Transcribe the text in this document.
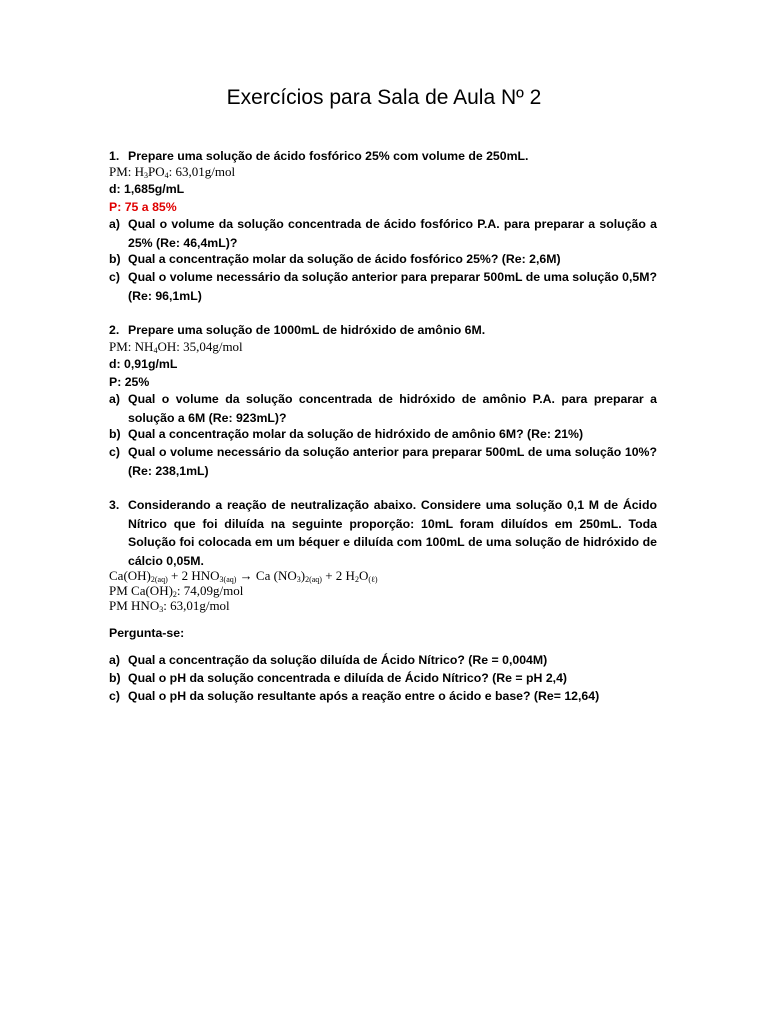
Exercícios para Sala de Aula Nº 2
1. Prepare uma solução de ácido fosfórico 25% com volume de 250mL.
PM: $H_3PO_4$: 63,01g/mol
d: 1,685g/mL
P: 75 a 85%
a) Qual o volume da solução concentrada de ácido fosfórico P.A. para preparar a solução a 25% (Re: 46,4mL)?
b) Qual a concentração molar da solução de ácido fosfórico 25%? (Re: 2,6M)
c) Qual o volume necessário da solução anterior para preparar 500mL de uma solução 0,5M? (Re: 96,1mL)
2. Prepare uma solução de 1000mL de hidróxido de amônio 6M.
PM: $NH_4OH$: 35,04g/mol
d: 0,91g/mL
P: 25%
a) Qual o volume da solução concentrada de hidróxido de amônio P.A. para preparar a solução a 6M (Re: 923mL)?
b) Qual a concentração molar da solução de hidróxido de amônio 6M? (Re: 21%)
c) Qual o volume necessário da solução anterior para preparar 500mL de uma solução 10%? (Re: 238,1mL)
3. Considerando a reação de neutralização abaixo. Considere uma solução 0,1 M de Ácido Nítrico que foi diluída na seguinte proporção: 10mL foram diluídos em 250mL. Toda Solução foi colocada em um béquer e diluída com 100mL de uma solução de hidróxido de cálcio 0,05M.
$Ca(OH)_{2(aq)} + 2$ $HNO_{3(aq)} \to Ca$ $(NO_3)_{2(aq)} + 2$ $H_2O_{(\ell)}$
PM $Ca(OH)_2$: 74,09g/mol
PM $HNO_3$: 63,01g/mol
Pergunta-se:
a) Qual a concentração da solução diluída de Ácido Nítrico? (Re = 0,004M)
b) Qual o pH da solução concentrada e diluída de Ácido Nítrico? (Re = pH 2,4)
c) Qual o pH da solução resultante após a reação entre o ácido e base? (Re= 12,64)
